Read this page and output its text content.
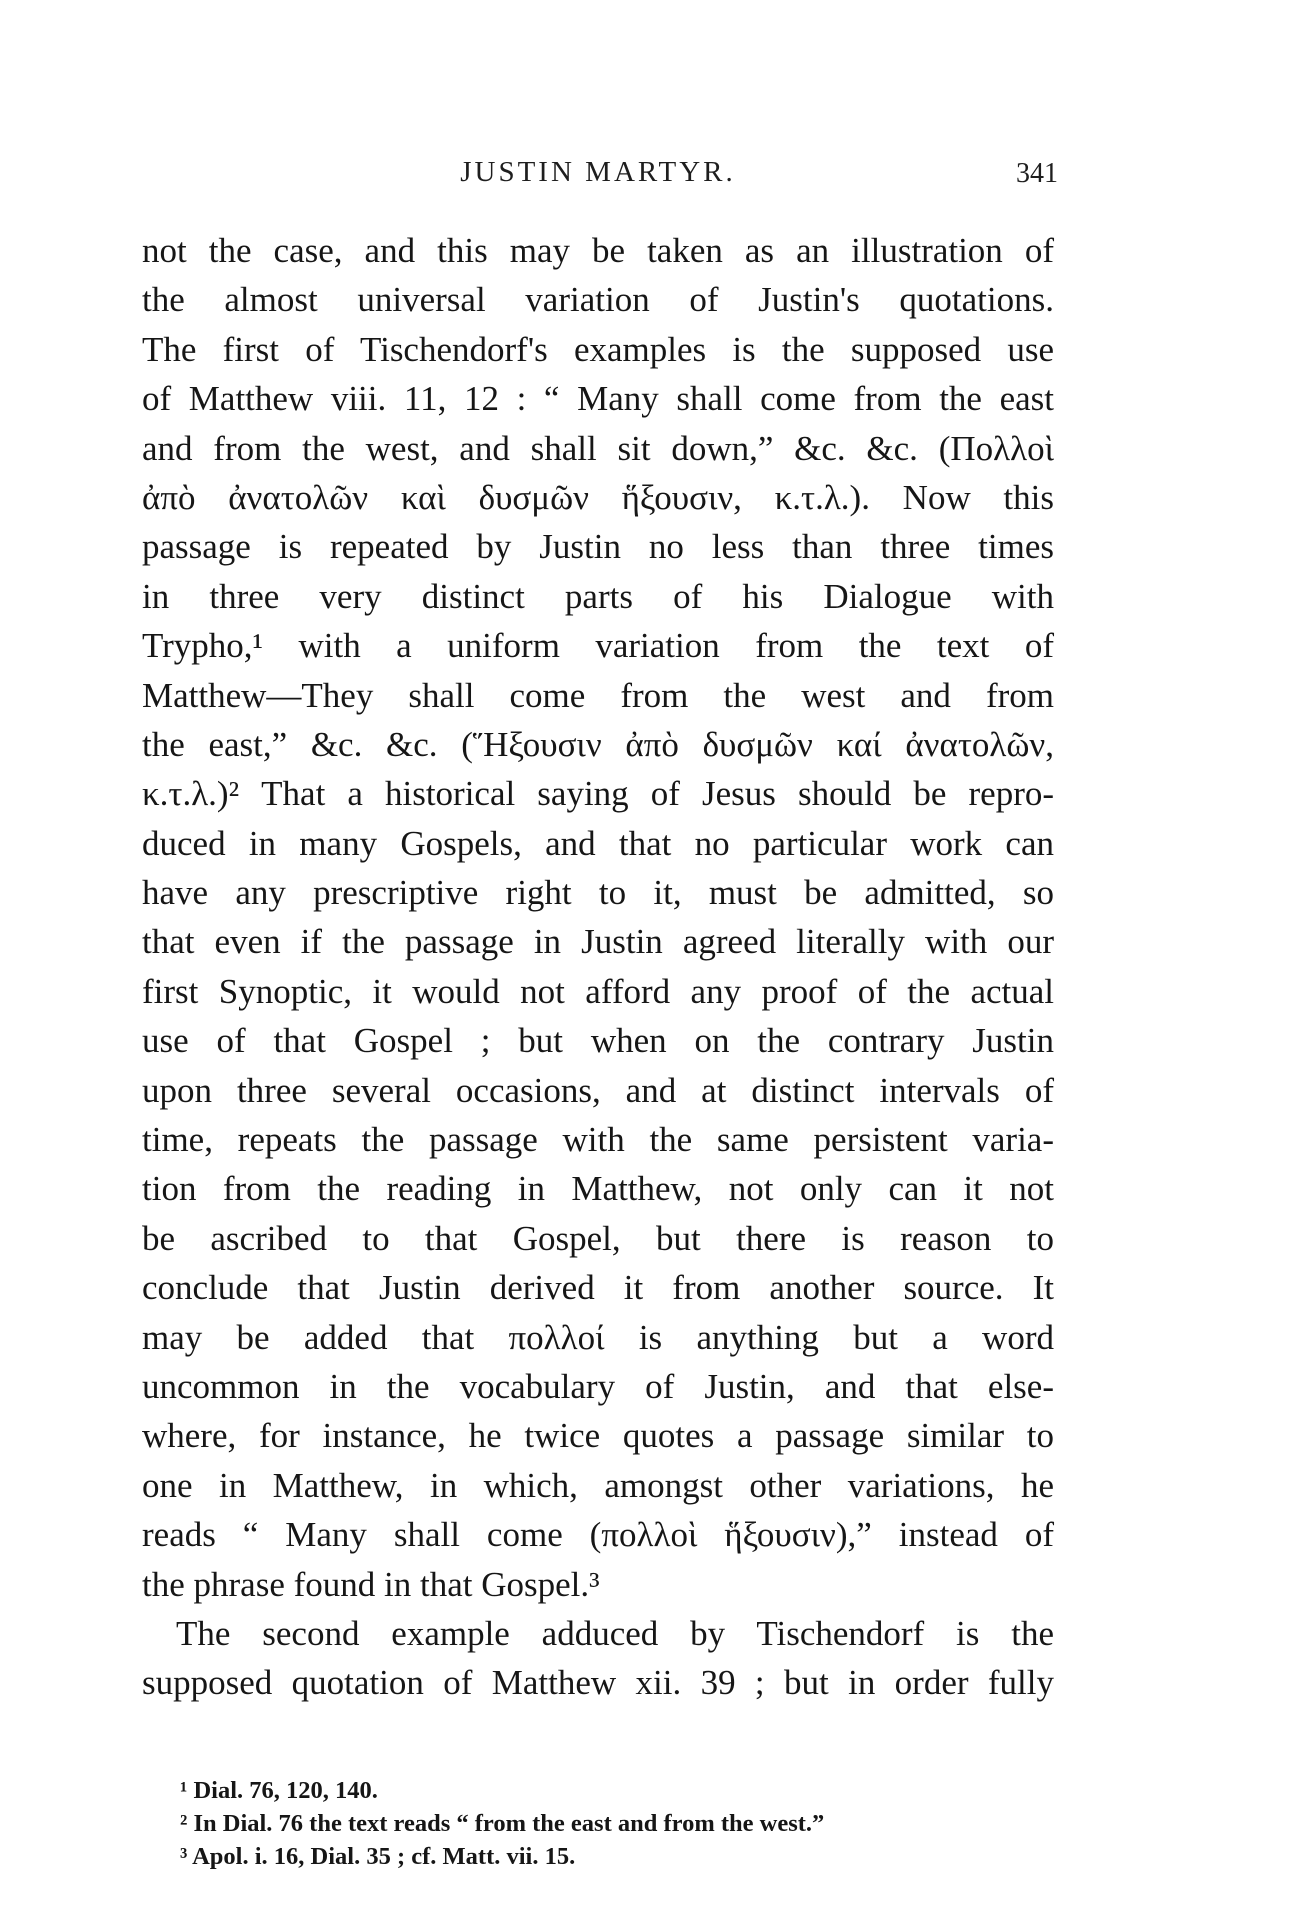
JUSTIN MARTYR.	341
not the case, and this may be taken as an illustration of
the almost universal variation of Justin's quotations.
The first of Tischendorf's examples is the supposed use
of Matthew viii. 11, 12 : “ Many shall come from the east
and from the west, and shall sit down,” &c. &c. (Πολλοὶ
ἀπὸ ἀνατολῶν καὶ δυσμῶν ἥξουσιν, κ.τ.λ.). Now this
passage is repeated by Justin no less than three times
in three very distinct parts of his Dialogue with
Trypho,¹ with a uniform variation from the text of
Matthew—They shall come from the west and from
the east,” &c. &c. (Ἥξουσιν ἀπὸ δυσμῶν καί ἀνατολῶν,
κ.τ.λ.)² That a historical saying of Jesus should be repro-
duced in many Gospels, and that no particular work can
have any prescriptive right to it, must be admitted, so
that even if the passage in Justin agreed literally with our
first Synoptic, it would not afford any proof of the actual
use of that Gospel ; but when on the contrary Justin
upon three several occasions, and at distinct intervals of
time, repeats the passage with the same persistent varia-
tion from the reading in Matthew, not only can it not
be ascribed to that Gospel, but there is reason to
conclude that Justin derived it from another source. It
may be added that πολλοί is anything but a word
uncommon in the vocabulary of Justin, and that else-
where, for instance, he twice quotes a passage similar to
one in Matthew, in which, amongst other variations, he
reads “ Many shall come (πολλοὶ ἥξουσιν),” instead of
the phrase found in that Gospel.³
The second example adduced by Tischendorf is the
supposed quotation of Matthew xii. 39 ; but in order fully
¹ Dial. 76, 120, 140.
² In Dial. 76 the text reads “ from the east and from the west.”
³ Apol. i. 16, Dial. 35 ; cf. Matt. vii. 15.
